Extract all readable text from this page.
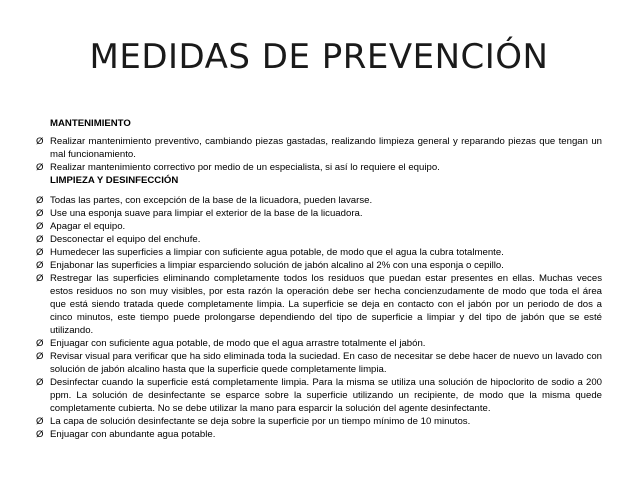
MEDIDAS DE PREVENCIÓN
MANTENIMIENTO
Ø Realizar mantenimiento preventivo, cambiando piezas gastadas, realizando limpieza general y reparando piezas que tengan un mal funcionamiento.
Ø Realizar mantenimiento correctivo por medio de un especialista, si así lo requiere el equipo.
LIMPIEZA Y DESINFECCIÓN
Ø Todas las partes, con excepción de la base de la licuadora, pueden lavarse.
Ø Use una esponja suave para limpiar el exterior de la base de la licuadora.
Ø Apagar el equipo.
Ø Desconectar el equipo del enchufe.
Ø Humedecer las superficies a limpiar con suficiente agua potable, de modo que el agua la cubra totalmente.
Ø Enjabonar las superficies a limpiar esparciendo solución de jabón alcalino al 2% con una esponja o cepillo.
Ø Restregar las superficies eliminando completamente todos los residuos que puedan estar presentes en ellas. Muchas veces estos residuos no son muy visibles, por esta razón la operación debe ser hecha concienzudamente de modo que toda el área que está siendo tratada quede completamente limpia. La superficie se deja en contacto con el jabón por un periodo de dos a cinco minutos, este tiempo puede prolongarse dependiendo del tipo de superficie a limpiar y del tipo de jabón que se esté utilizando.
Ø Enjuagar con suficiente agua potable, de modo que el agua arrastre totalmente el jabón.
Ø Revisar visual para verificar que ha sido eliminada toda la suciedad. En caso de necesitar se debe hacer de nuevo un lavado con solución de jabón alcalino hasta que la superficie quede completamente limpia.
Ø Desinfectar cuando la superficie está completamente limpia. Para la misma se utiliza una solución de hipoclorito de sodio a 200 ppm. La solución de desinfectante se esparce sobre la superficie utilizando un recipiente, de modo que la misma quede completamente cubierta. No se debe utilizar la mano para esparcir la solución del agente desinfectante.
Ø La capa de solución desinfectante se deja sobre la superficie por un tiempo mínimo de 10 minutos.
Ø Enjuagar con abundante agua potable.
